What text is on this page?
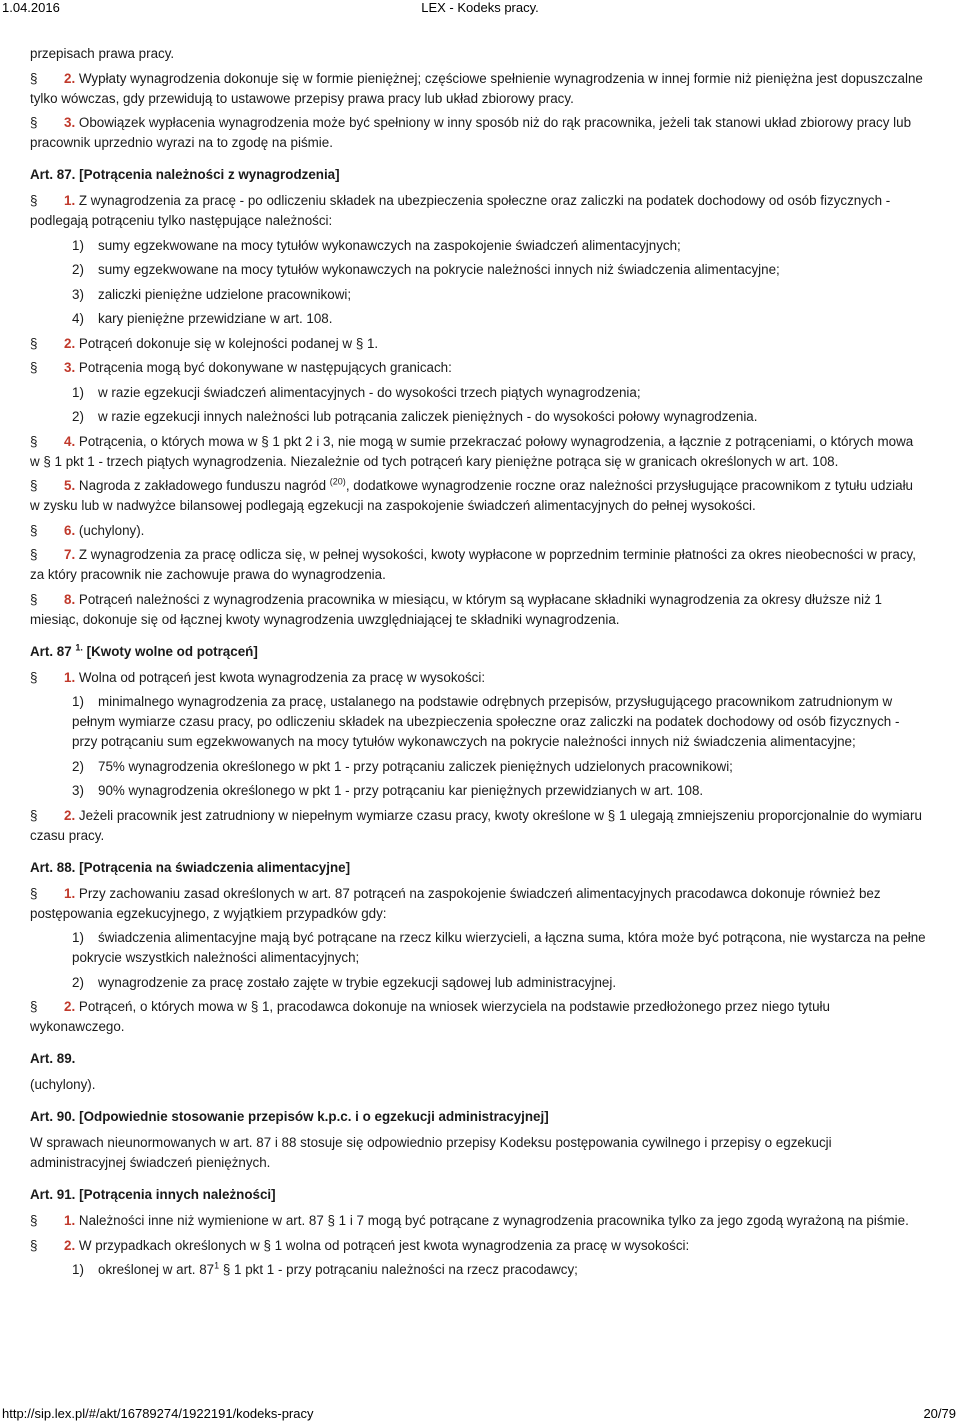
1.04.2016	LEX - Kodeks pracy.

przepisach prawa pracy.

§ 2. Wypłaty wynagrodzenia dokonuje się w formie pieniężnej; częściowe spełnienie wynagrodzenia w innej formie niż pieniężna jest dopuszczalne tylko wówczas, gdy przewidują to ustawowe przepisy prawa pracy lub układ zbiorowy pracy.

§ 3. Obowiązek wypłacenia wynagrodzenia może być spełniony w inny sposób niż do rąk pracownika, jeżeli tak stanowi układ zbiorowy pracy lub pracownik uprzednio wyrazi na to zgodę na piśmie.

Art. 87. [Potrącenia należności z wynagrodzenia]

§ 1. Z wynagrodzenia za pracę - po odliczeniu składek na ubezpieczenia społeczne oraz zaliczki na podatek dochodowy od osób fizycznych - podlegają potrąceniu tylko następujące należności:

1) sumy egzekwowane na mocy tytułów wykonawczych na zaspokojenie świadczeń alimentacyjnych;

2) sumy egzekwowane na mocy tytułów wykonawczych na pokrycie należności innych niż świadczenia alimentacyjne;

3) zaliczki pieniężne udzielone pracownikowi;

4) kary pieniężne przewidziane w art. 108.

§ 2. Potrąceń dokonuje się w kolejności podanej w § 1.

§ 3. Potrącenia mogą być dokonywane w następujących granicach:

1) w razie egzekucji świadczeń alimentacyjnych - do wysokości trzech piątych wynagrodzenia;

2) w razie egzekucji innych należności lub potrącania zaliczek pieniężnych - do wysokości połowy wynagrodzenia.

§ 4. Potrącenia, o których mowa w § 1 pkt 2 i 3, nie mogą w sumie przekraczać połowy wynagrodzenia, a łącznie z potrąceniami, o których mowa w § 1 pkt 1 - trzech piątych wynagrodzenia. Niezależnie od tych potrąceń kary pieniężne potrąca się w granicach określonych w art. 108.

§ 5. Nagroda z zakładowego funduszu nagród $^{(20)}$, dodatkowe wynagrodzenie roczne oraz należności przysługujące pracownikom z tytułu udziału w zysku lub w nadwyżce bilansowej podlegają egzekucji na zaspokojenie świadczeń alimentacyjnych do pełnej wysokości.

§ 6. (uchylony).

§ 7. Z wynagrodzenia za pracę odlicza się, w pełnej wysokości, kwoty wypłacone w poprzednim terminie płatności za okres nieobecności w pracy, za który pracownik nie zachowuje prawa do wynagrodzenia.

§ 8. Potrąceń należności z wynagrodzenia pracownika w miesiącu, w którym są wypłacane składniki wynagrodzenia za okresy dłuższe niż 1 miesiąc, dokonuje się od łącznej kwoty wynagrodzenia uwzględniającej te składniki wynagrodzenia.

Art. 87 $^{1.}$ [Kwoty wolne od potrąceń]

§ 1. Wolna od potrąceń jest kwota wynagrodzenia za pracę w wysokości:

1) minimalnego wynagrodzenia za pracę, ustalanego na podstawie odrębnych przepisów, przysługującego pracownikom zatrudnionym w pełnym wymiarze czasu pracy, po odliczeniu składek na ubezpieczenia społeczne oraz zaliczki na podatek dochodowy od osób fizycznych - przy potrącaniu sum egzekwowanych na mocy tytułów wykonawczych na pokrycie należności innych niż świadczenia alimentacyjne;

2) 75% wynagrodzenia określonego w pkt 1 - przy potrącaniu zaliczek pieniężnych udzielonych pracownikowi;

3) 90% wynagrodzenia określonego w pkt 1 - przy potrącaniu kar pieniężnych przewidzianych w art. 108.

§ 2. Jeżeli pracownik jest zatrudniony w niepełnym wymiarze czasu pracy, kwoty określone w § 1 ulegają zmniejszeniu proporcjonalnie do wymiaru czasu pracy.

Art. 88. [Potrącenia na świadczenia alimentacyjne]

§ 1. Przy zachowaniu zasad określonych w art. 87 potrąceń na zaspokojenie świadczeń alimentacyjnych pracodawca dokonuje również bez postępowania egzekucyjnego, z wyjątkiem przypadków gdy:

1) świadczenia alimentacyjne mają być potrącane na rzecz kilku wierzycieli, a łączna suma, która może być potrącona, nie wystarcza na pełne pokrycie wszystkich należności alimentacyjnych;

2) wynagrodzenie za pracę zostało zajęte w trybie egzekucji sądowej lub administracyjnej.

§ 2. Potrąceń, o których mowa w § 1, pracodawca dokonuje na wniosek wierzyciela na podstawie przedłożonego przez niego tytułu wykonawczego.

Art. 89.

(uchylony).

Art. 90. [Odpowiednie stosowanie przepisów k.p.c. i o egzekucji administracyjnej]

W sprawach nieunormowanych w art. 87 i 88 stosuje się odpowiednio przepisy Kodeksu postępowania cywilnego i przepisy o egzekucji administracyjnej świadczeń pieniężnych.

Art. 91. [Potrącenia innych należności]

§ 1. Należności inne niż wymienione w art. 87 § 1 i 7 mogą być potrącane z wynagrodzenia pracownika tylko za jego zgodą wyrażoną na piśmie.

§ 2. W przypadkach określonych w § 1 wolna od potrąceń jest kwota wynagrodzenia za pracę w wysokości:

1) określonej w art. $87^1$ § 1 pkt 1 - przy potrącaniu należności na rzecz pracodawcy;

http://sip.lex.pl/#/akt/16789274/1922191/kodeks-pracy	20/79
